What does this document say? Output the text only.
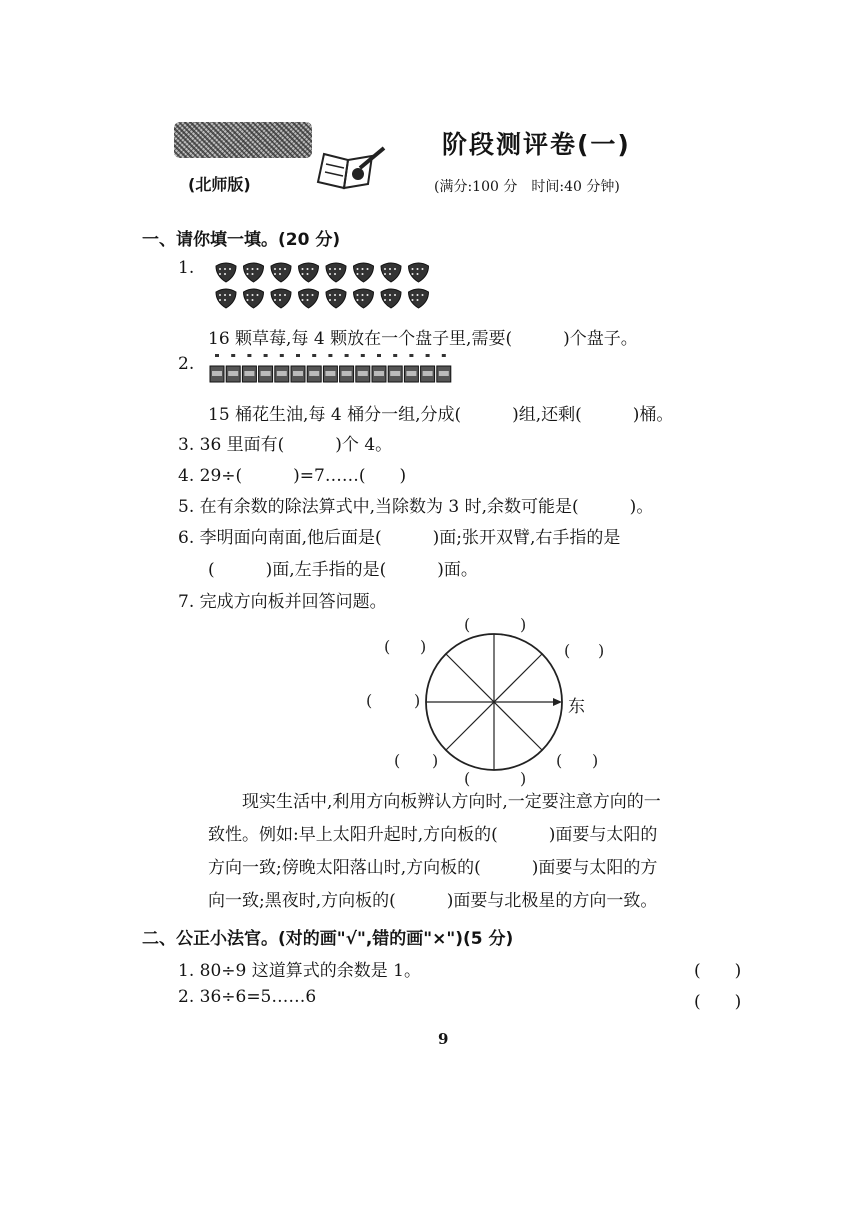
(北师版)
阶段测评卷(一)
(满分:100 分　时间:40 分钟)
一、请你填一填。(20 分)
1.
16 颗草莓,每 4 颗放在一个盘子里,需要(　　　)个盘子。
2.
15 桶花生油,每 4 桶分一组,分成(　　　)组,还剩(　　　)桶。
3. 36 里面有(　　　)个 4。
4. 29÷(　　　)=7……(　　)
5. 在有余数的除法算式中,当除数为 3 时,余数可能是(　　　)。
6. 李明面向南面,他后面是(　　　)面;张开双臂,右手指的是
(　　　)面,左手指的是(　　　)面。
7. 完成方向板并回答问题。
(	)
( )	( )
(	)
( )	( )
(	)
东
现实生活中,利用方向板辨认方向时,一定要注意方向的一
致性。例如:早上太阳升起时,方向板的(　　　)面要与太阳的
方向一致;傍晚太阳落山时,方向板的(　　　)面要与太阳的方
向一致;黑夜时,方向板的(　　　)面要与北极星的方向一致。
二、公正小法官。(对的画"√",错的画"×")(5 分)
1. 80÷9 这道算式的余数是 1。	(　　)
2. 36÷6=5……6	(　　)
9
